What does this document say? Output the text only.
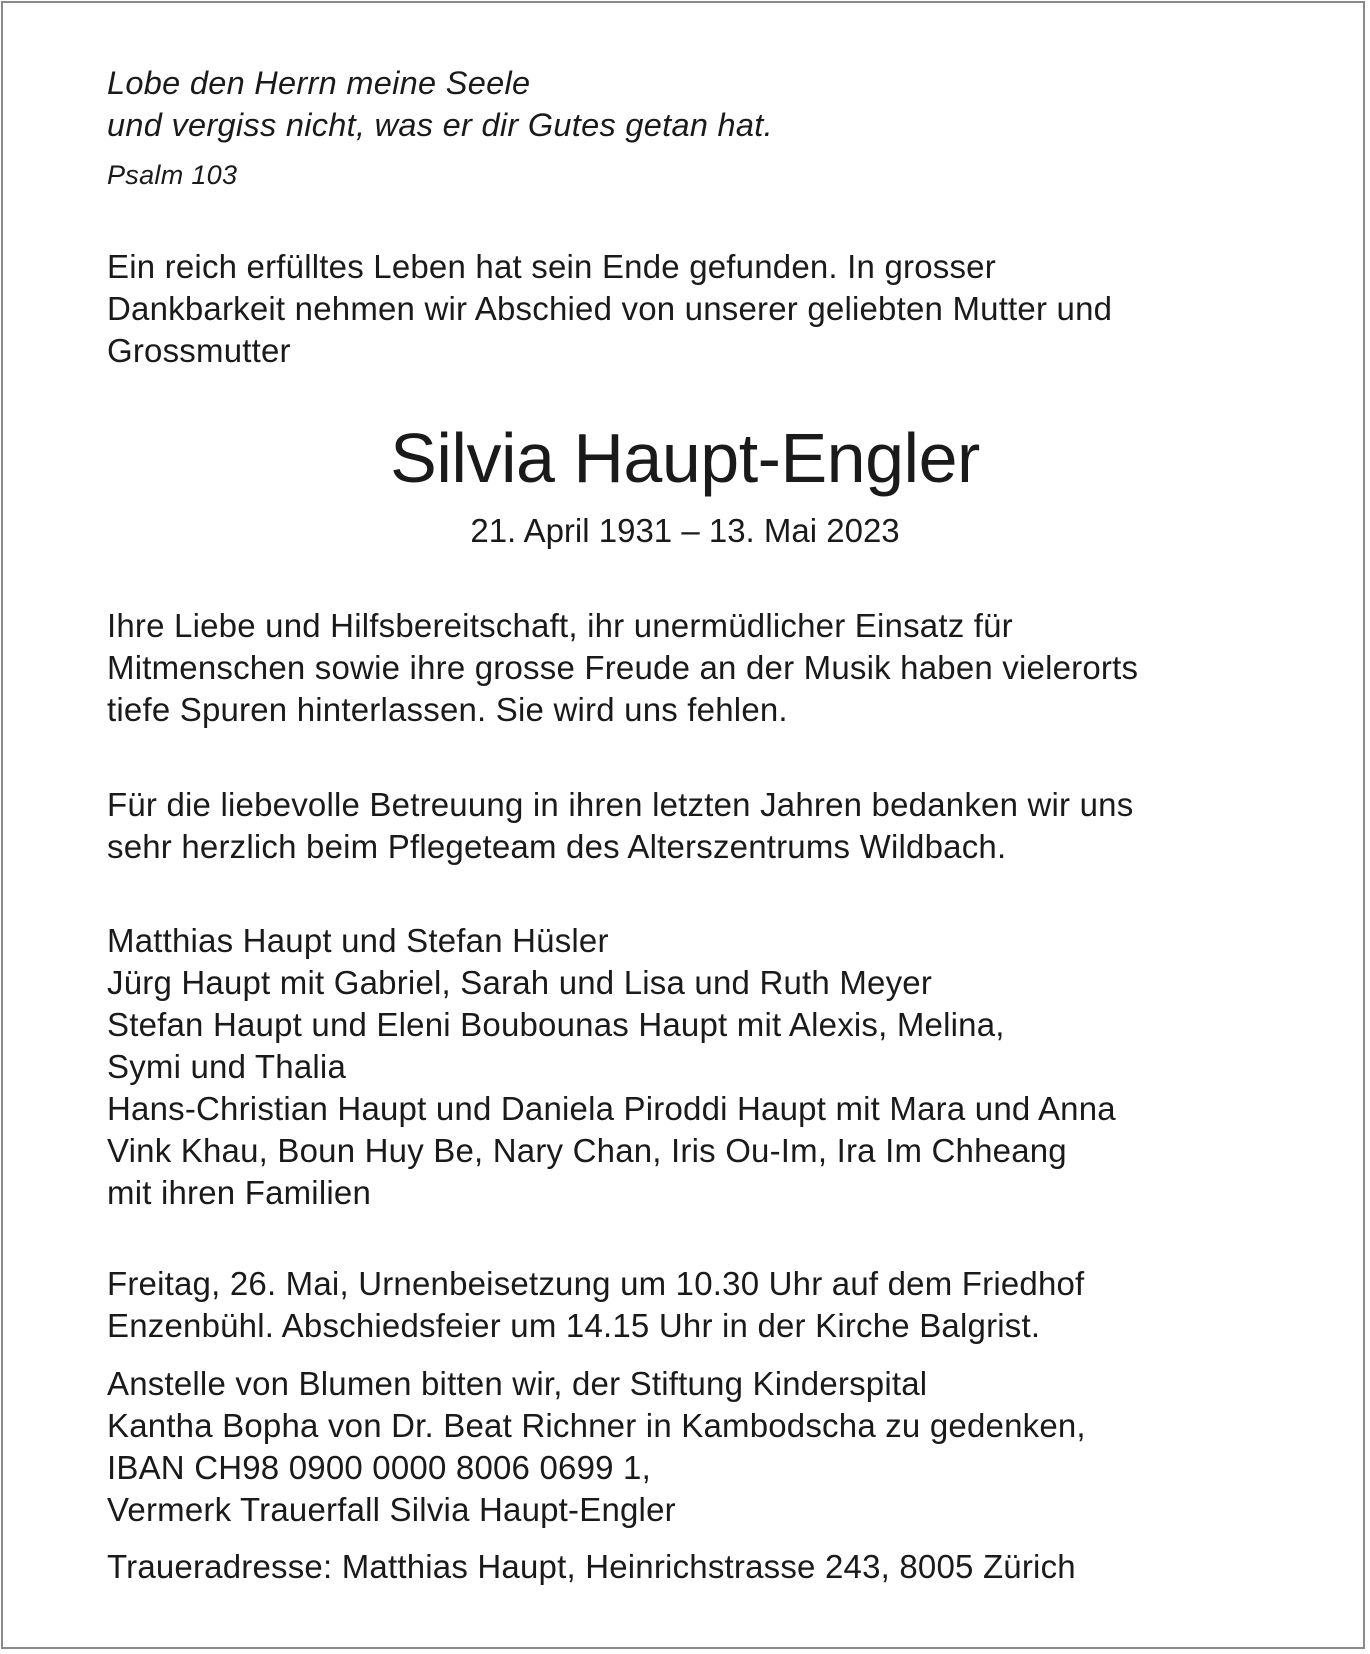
Lobe den Herrn meine Seele
und vergiss nicht, was er dir Gutes getan hat.
Psalm 103
Ein reich erfülltes Leben hat sein Ende gefunden. In grosser
Dankbarkeit nehmen wir Abschied von unserer geliebten Mutter und
Grossmutter
Silvia Haupt-Engler
21. April 1931 – 13. Mai 2023
Ihre Liebe und Hilfsbereitschaft, ihr unermüdlicher Einsatz für
Mitmenschen sowie ihre grosse Freude an der Musik haben vielerorts
tiefe Spuren hinterlassen. Sie wird uns fehlen.
Für die liebevolle Betreuung in ihren letzten Jahren bedanken wir uns
sehr herzlich beim Pflegeteam des Alterszentrums Wildbach.
Matthias Haupt und Stefan Hüsler
Jürg Haupt mit Gabriel, Sarah und Lisa und Ruth Meyer
Stefan Haupt und Eleni Boubounas Haupt mit Alexis, Melina,
Symi und Thalia
Hans-Christian Haupt und Daniela Piroddi Haupt mit Mara und Anna
Vink Khau, Boun Huy Be, Nary Chan, Iris Ou-Im, Ira Im Chheang
mit ihren Familien
Freitag, 26. Mai, Urnenbeisetzung um 10.30 Uhr auf dem Friedhof
Enzenbühl. Abschiedsfeier um 14.15 Uhr in der Kirche Balgrist.
Anstelle von Blumen bitten wir, der Stiftung Kinderspital
Kantha Bopha von Dr. Beat Richner in Kambodscha zu gedenken,
IBAN CH98 0900 0000 8006 0699 1,
Vermerk Trauerfall Silvia Haupt-Engler
Traueradresse: Matthias Haupt, Heinrichstrasse 243, 8005 Zürich
